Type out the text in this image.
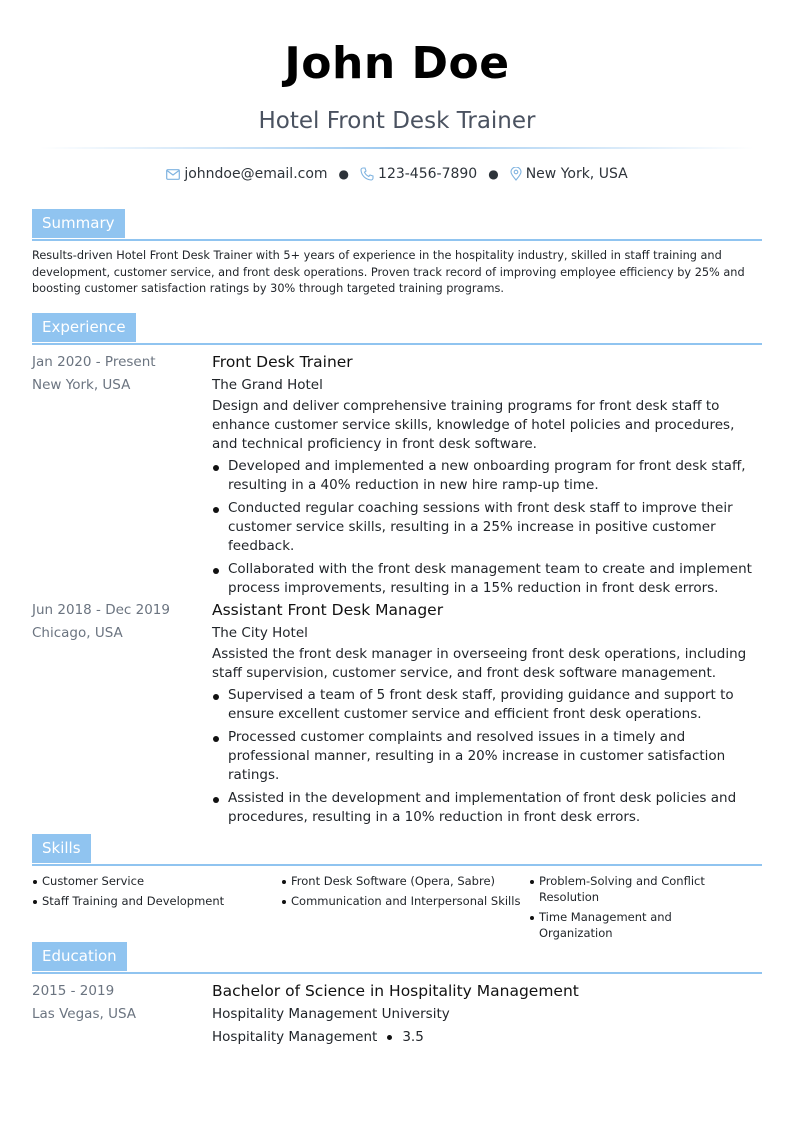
John Doe
Hotel Front Desk Trainer
johndoe@email.com ● 123-456-7890 ● New York, USA
Summary
Results-driven Hotel Front Desk Trainer with 5+ years of experience in the hospitality industry, skilled in staff training and development, customer service, and front desk operations. Proven track record of improving employee efficiency by 25% and boosting customer satisfaction ratings by 30% through targeted training programs.
Experience
Jan 2020 - Present
New York, USA
Front Desk Trainer
The Grand Hotel
Design and deliver comprehensive training programs for front desk staff to enhance customer service skills, knowledge of hotel policies and procedures, and technical proficiency in front desk software.
Developed and implemented a new onboarding program for front desk staff, resulting in a 40% reduction in new hire ramp-up time.
Conducted regular coaching sessions with front desk staff to improve their customer service skills, resulting in a 25% increase in positive customer feedback.
Collaborated with the front desk management team to create and implement process improvements, resulting in a 15% reduction in front desk errors.
Jun 2018 - Dec 2019
Chicago, USA
Assistant Front Desk Manager
The City Hotel
Assisted the front desk manager in overseeing front desk operations, including staff supervision, customer service, and front desk software management.
Supervised a team of 5 front desk staff, providing guidance and support to ensure excellent customer service and efficient front desk operations.
Processed customer complaints and resolved issues in a timely and professional manner, resulting in a 20% increase in customer satisfaction ratings.
Assisted in the development and implementation of front desk policies and procedures, resulting in a 10% reduction in front desk errors.
Skills
Customer Service
Staff Training and Development
Front Desk Software (Opera, Sabre)
Communication and Interpersonal Skills
Problem-Solving and Conflict Resolution
Time Management and Organization
Education
2015 - 2019
Las Vegas, USA
Bachelor of Science in Hospitality Management
Hospitality Management University
Hospitality Management 3.5
